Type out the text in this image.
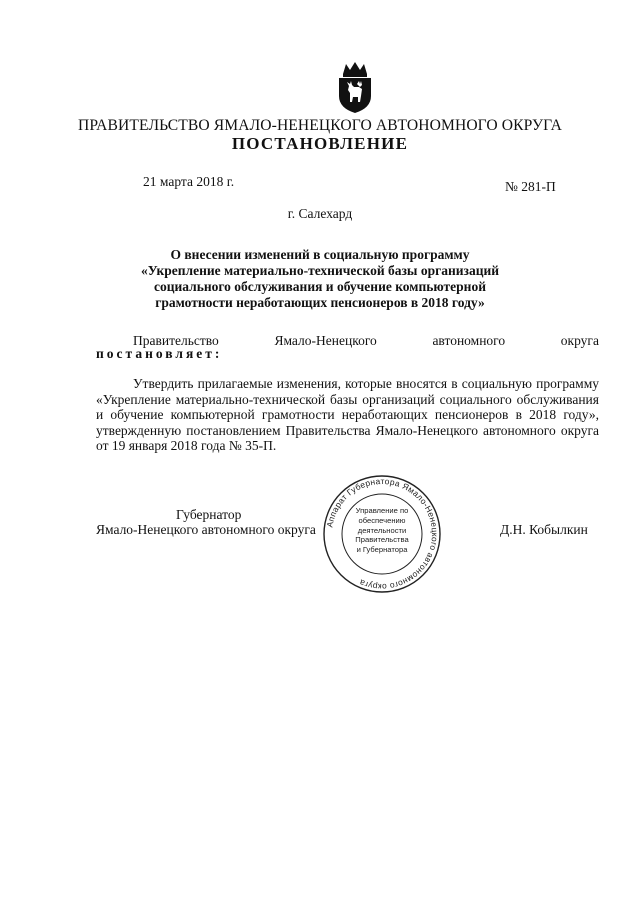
ПРАВИТЕЛЬСТВО ЯМАЛО-НЕНЕЦКОГО АВТОНОМНОГО ОКРУГА
ПОСТАНОВЛЕНИЕ
21 марта 2018 г.	№ 281-П
г. Салехард
О внесении изменений в социальную программу «Укрепление материально-технической базы организаций социального обслуживания и обучение компьютерной грамотности неработающих пенсионеров в 2018 году»
Правительство	Ямало-Ненецкого	автономного	округа
постановляет:
Утвердить прилагаемые изменения, которые вносятся в социальную программу «Укрепление материально-технической базы организаций социального обслуживания и обучение компьютерной грамотности неработающих пенсионеров в 2018 году», утвержденную постановлением Правительства Ямало-Ненецкого автономного округа от 19 января 2018 года № 35-П.
Губернатор
Ямало-Ненецкого автономного округа	Д.Н. Кобылкин
Аппарат Губернатора Ямало-Ненецкого автономного округа
Управление по
обеспечению
деятельности
Правительства
и Губернатора
